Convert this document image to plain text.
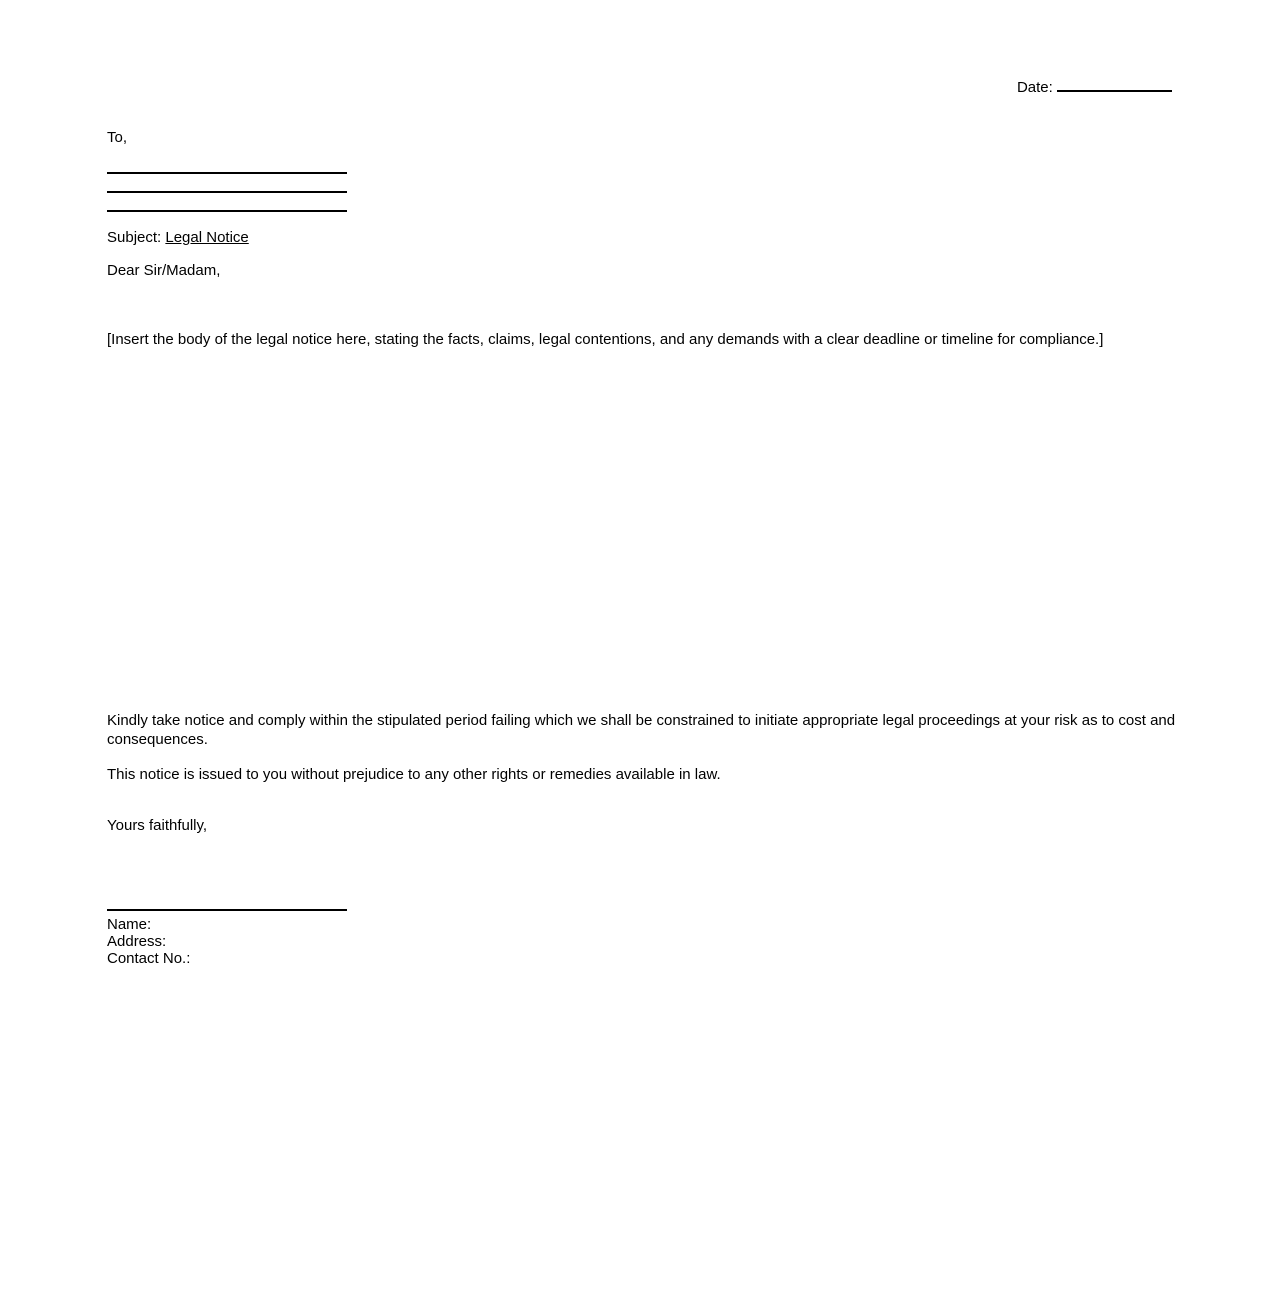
Date:
To,
Subject: Legal Notice
Dear Sir/Madam,
[Insert the body of the legal notice here, stating the facts, claims, legal contentions, and any demands with a clear deadline or timeline for compliance.]
Kindly take notice and comply within the stipulated period failing which we shall be constrained to initiate appropriate legal proceedings at your risk as to cost and consequences.
This notice is issued to you without prejudice to any other rights or remedies available in law.
Yours faithfully,
Name:
Address:
Contact No.:
